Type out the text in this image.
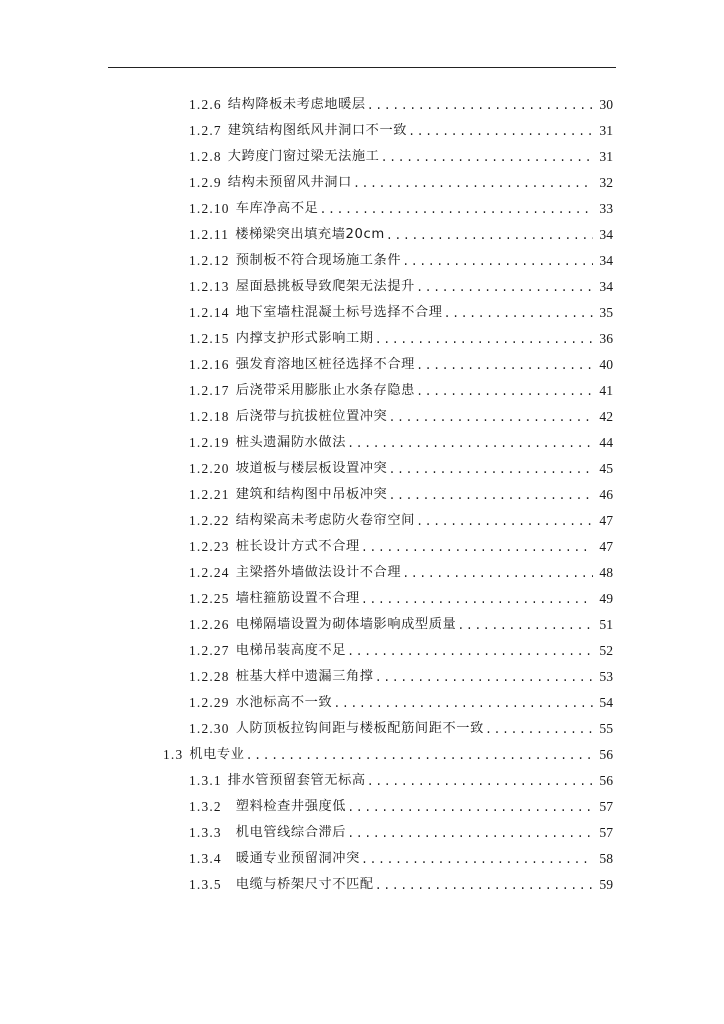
1.2.6 结构降板未考虑地暖层 .....	30
1.2.7 建筑结构图纸风井洞口不一致 .....	31
1.2.8 大跨度门窗过梁无法施工 .....	31
1.2.9 结构未预留风井洞口 .....	32
1.2.10 车库净高不足 .....	33
1.2.11 楼梯梁突出填充墙20cm .....	34
1.2.12 预制板不符合现场施工条件 .....	34
1.2.13 屋面悬挑板导致爬架无法提升 .....	34
1.2.14 地下室墙柱混凝土标号选择不合理 .....	35
1.2.15 内撑支护形式影响工期 .....	36
1.2.16 强发育溶地区桩径选择不合理 .....	40
1.2.17 后浇带采用膨胀止水条存隐患 .....	41
1.2.18 后浇带与抗拔桩位置冲突 .....	42
1.2.19 桩头遗漏防水做法 .....	44
1.2.20 坡道板与楼层板设置冲突 .....	45
1.2.21 建筑和结构图中吊板冲突 .....	46
1.2.22 结构梁高未考虑防火卷帘空间 .....	47
1.2.23 桩长设计方式不合理 .....	47
1.2.24 主梁搭外墙做法设计不合理 .....	48
1.2.25 墙柱箍筋设置不合理 .....	49
1.2.26 电梯隔墙设置为砌体墙影响成型质量 .....	51
1.2.27 电梯吊装高度不足 .....	52
1.2.28 桩基大样中遗漏三角撑 .....	53
1.2.29 水池标高不一致 .....	54
1.2.30 人防顶板拉钩间距与楼板配筋间距不一致 .....	55
1.3 机电专业 .....	56
1.3.1 排水管预留套管无标高 .....	56
1.3.2 塑料检查井强度低 .....	57
1.3.3 机电管线综合滞后 .....	57
1.3.4 暖通专业预留洞冲突 .....	58
1.3.5 电缆与桥架尺寸不匹配 .....	59
